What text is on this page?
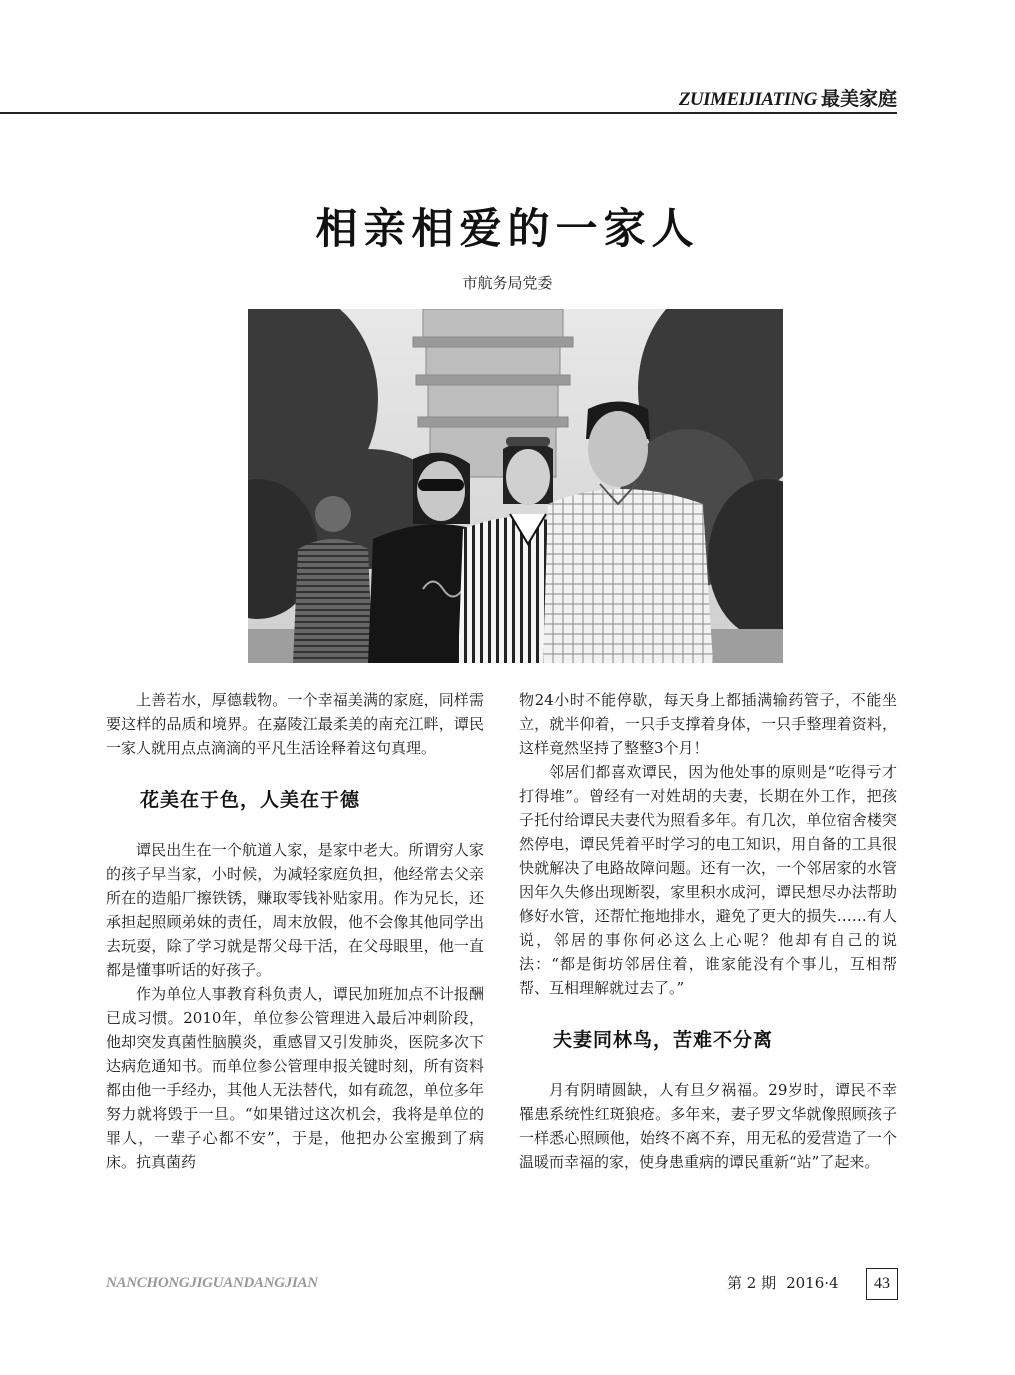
ZUIMEIJIATING 最美家庭
相亲相爱的一家人
市航务局党委

上善若水，厚德载物。一个幸福美满的家庭，同样需要这样的品质和境界。在嘉陵江最柔美的南充江畔，谭民一家人就用点点滴滴的平凡生活诠释着这句真理。

花美在于色，人美在于德

谭民出生在一个航道人家，是家中老大。所谓穷人家的孩子早当家，小时候，为减轻家庭负担，他经常去父亲所在的造船厂擦铁锈，赚取零钱补贴家用。作为兄长，还承担起照顾弟妹的责任，周末放假，他不会像其他同学出去玩耍，除了学习就是帮父母干活，在父母眼里，他一直都是懂事听话的好孩子。

作为单位人事教育科负责人，谭民加班加点不计报酬已成习惯。2010年，单位参公管理进入最后冲刺阶段，他却突发真菌性脑膜炎，重感冒又引发肺炎，医院多次下达病危通知书。而单位参公管理申报关键时刻，所有资料都由他一手经办，其他人无法替代，如有疏忽，单位多年努力就将毁于一旦。“如果错过这次机会，我将是单位的罪人，一辈子心都不安”，于是，他把办公室搬到了病床。抗真菌药

物24小时不能停歇，每天身上都插满输药管子，不能坐立，就半仰着，一只手支撑着身体，一只手整理着资料，这样竟然坚持了整整3个月！

邻居们都喜欢谭民，因为他处事的原则是“吃得亏才打得堆”。曾经有一对姓胡的夫妻，长期在外工作，把孩子托付给谭民夫妻代为照看多年。有几次，单位宿舍楼突然停电，谭民凭着平时学习的电工知识，用自备的工具很快就解决了电路故障问题。还有一次，一个邻居家的水管因年久失修出现断裂，家里积水成河，谭民想尽办法帮助修好水管，还帮忙拖地排水，避免了更大的损失……有人说，邻居的事你何必这么上心呢？他却有自己的说法：“都是街坊邻居住着，谁家能没有个事儿，互相帮帮、互相理解就过去了。”

夫妻同林鸟，苦难不分离

月有阴晴圆缺，人有旦夕祸福。29岁时，谭民不幸罹患系统性红斑狼疮。多年来，妻子罗文华就像照顾孩子一样悉心照顾他，始终不离不弃，用无私的爱营造了一个温暖而幸福的家，使身患重病的谭民重新“站”了起来。

NANCHONGJIGUANDANGJIAN	第 2 期 2016·4	43
